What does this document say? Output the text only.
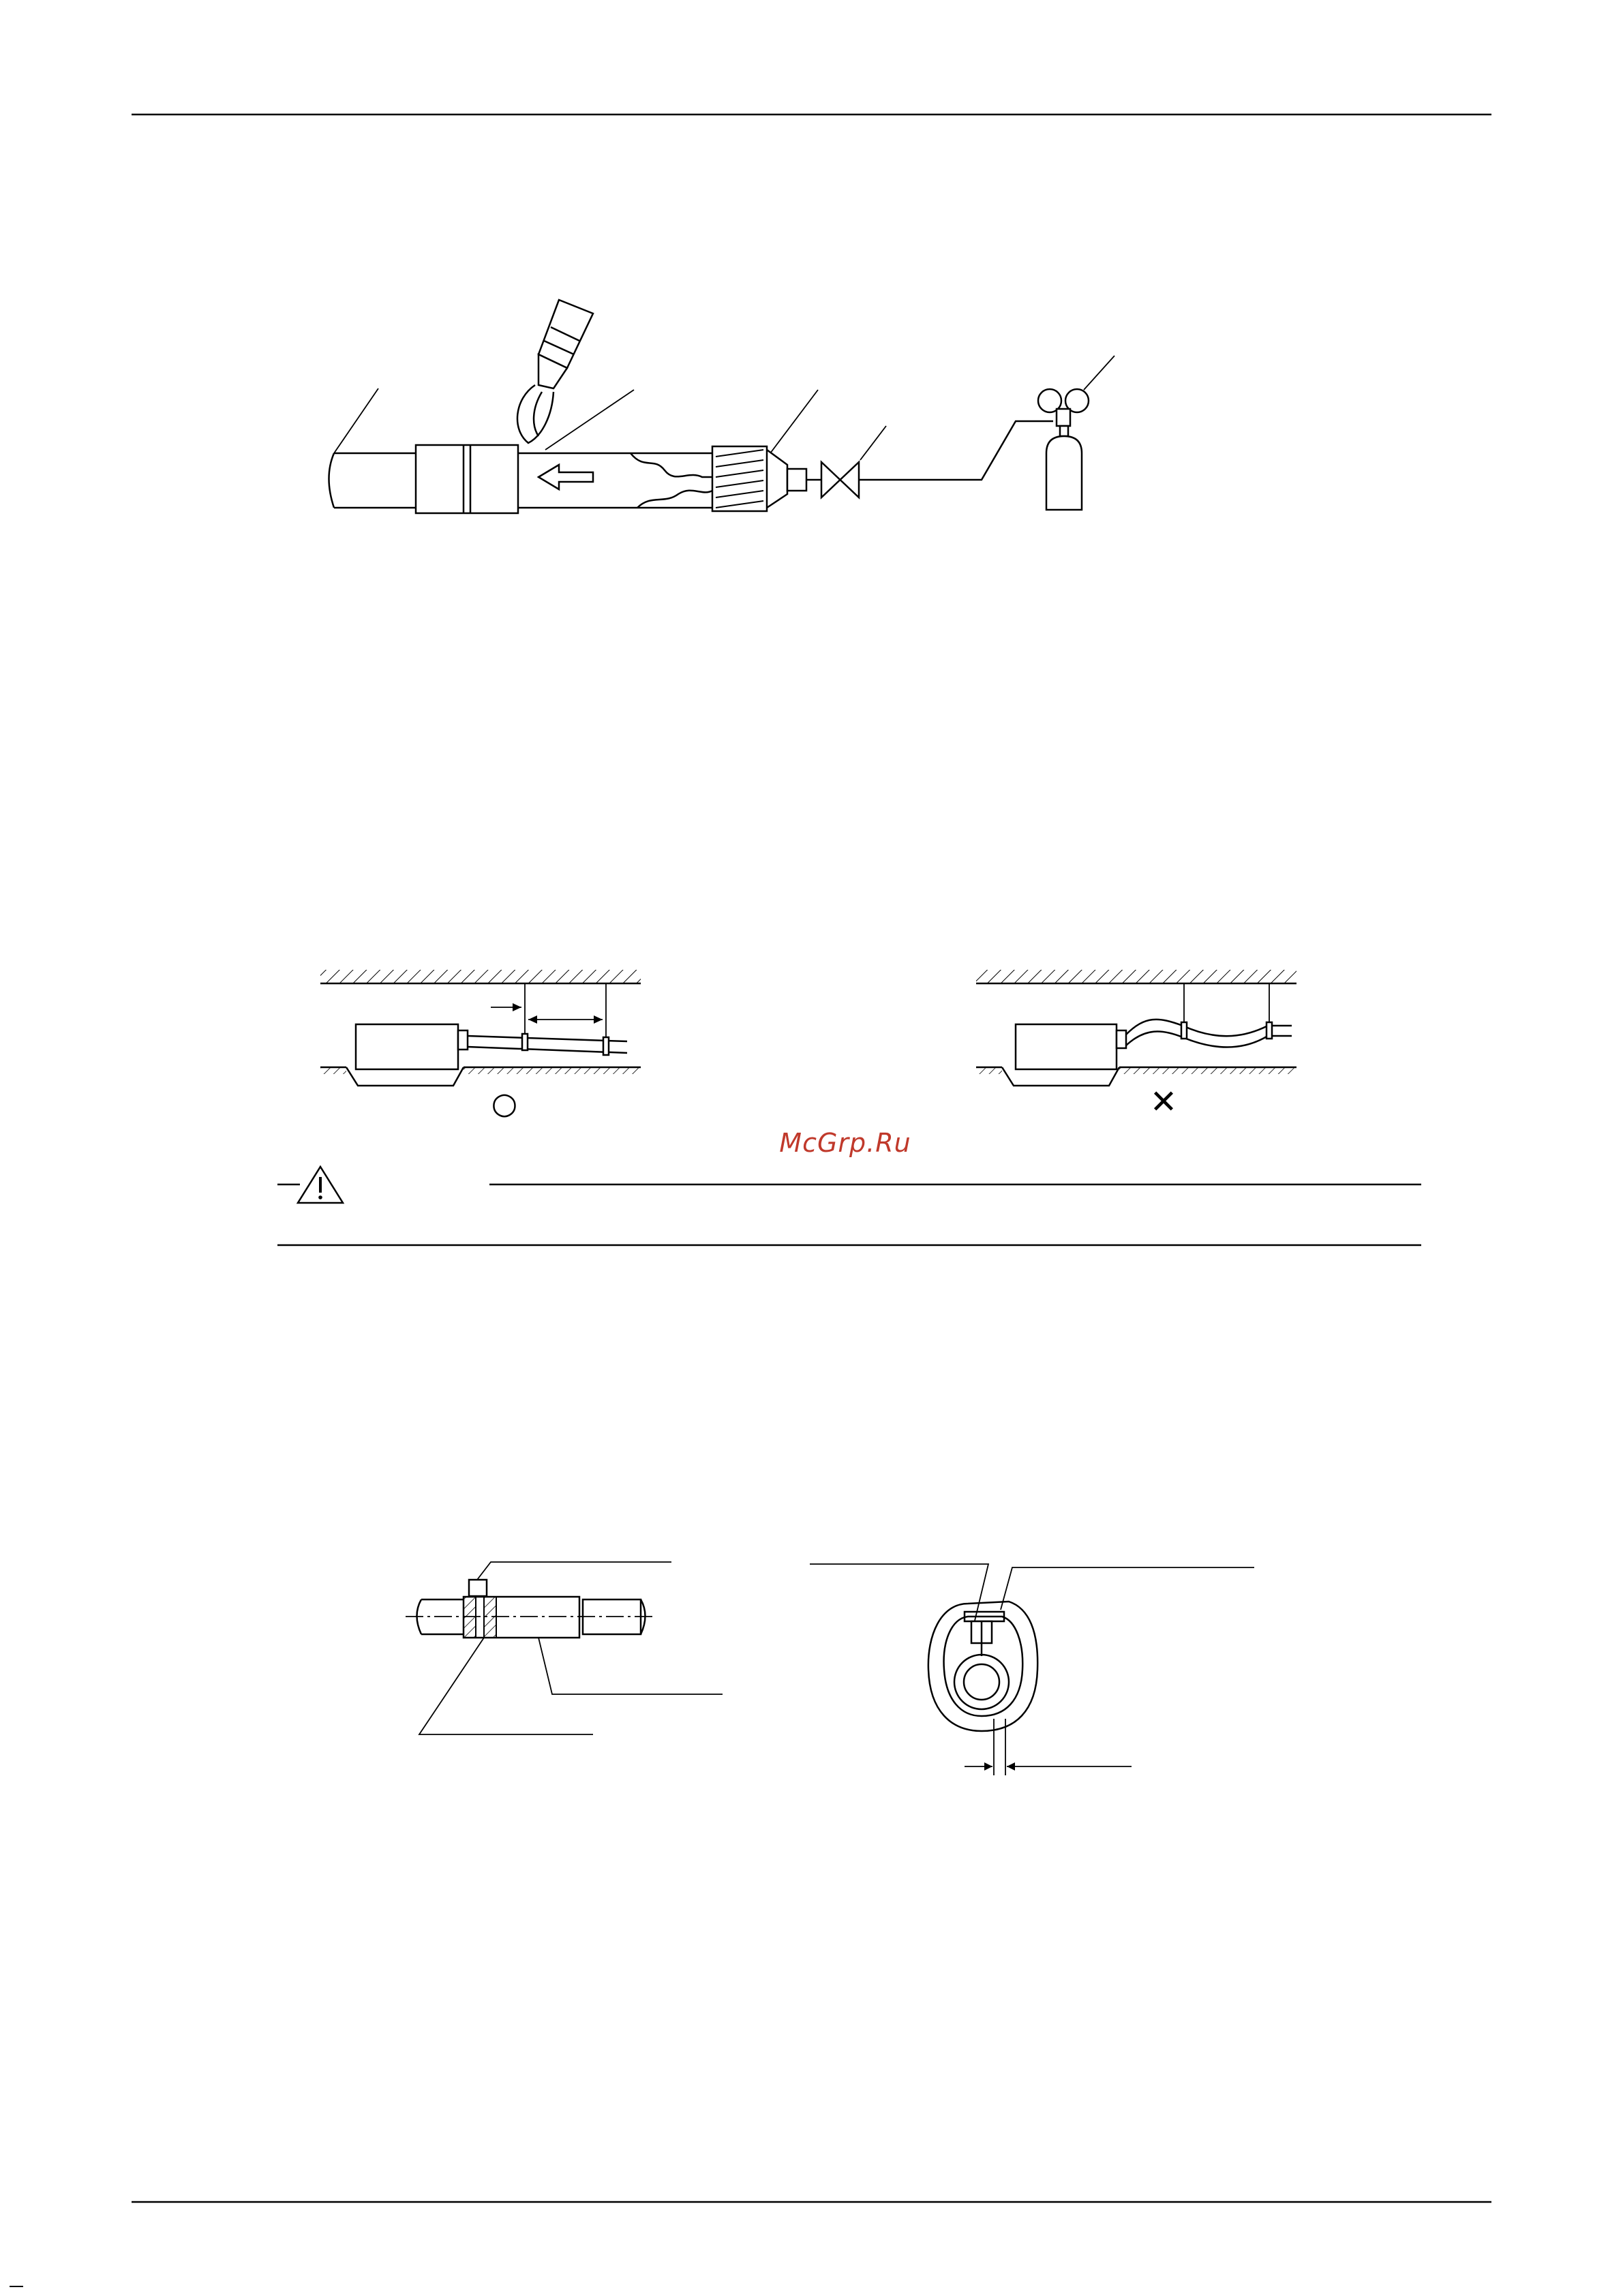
○	✕
McGrp.Ru
